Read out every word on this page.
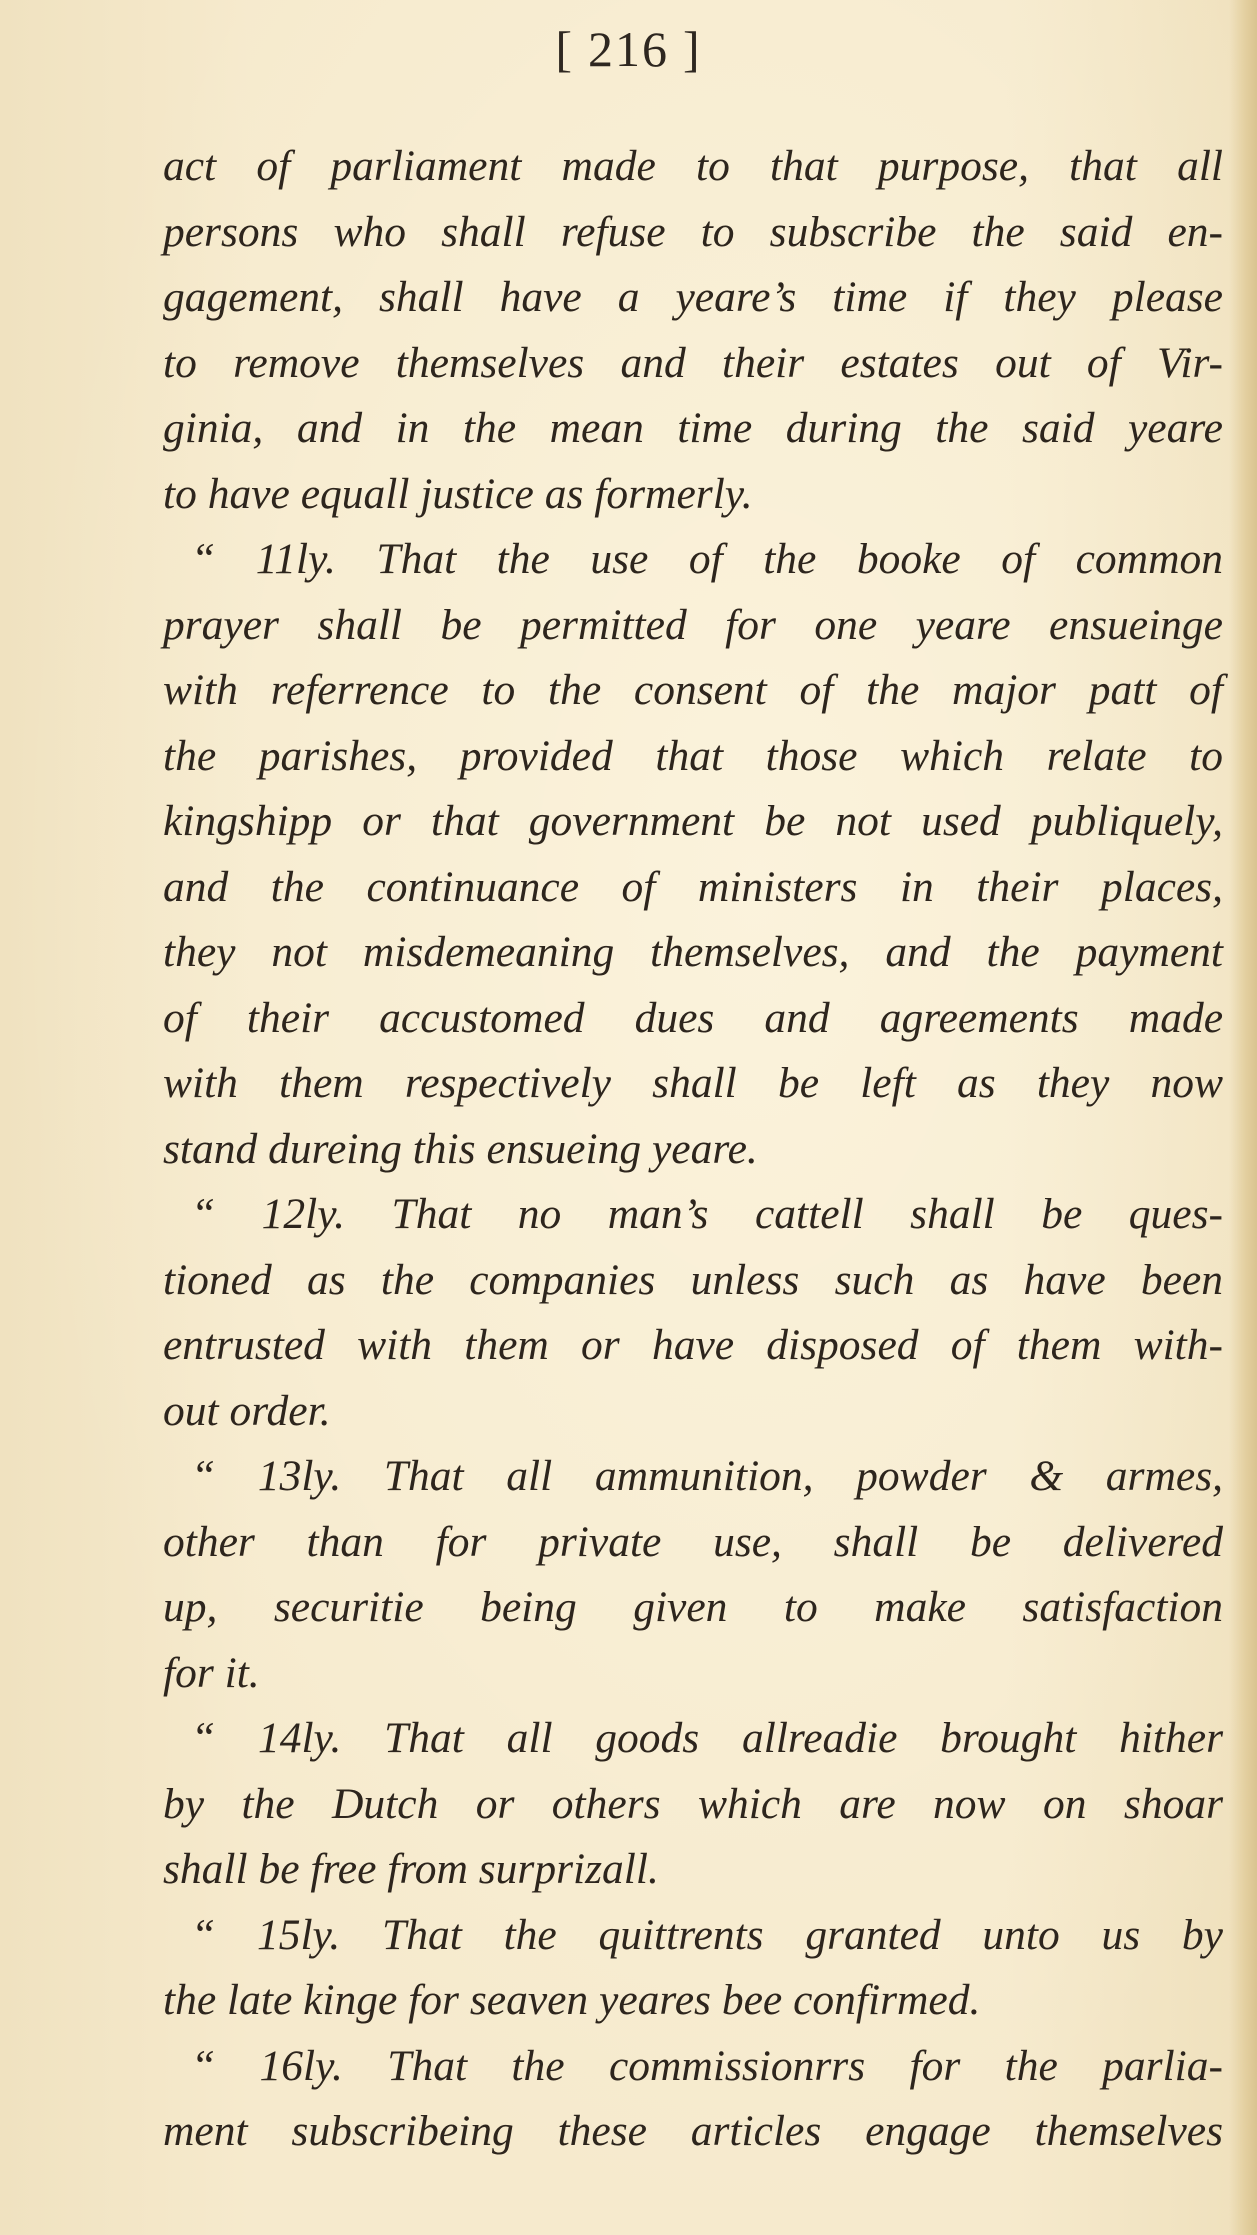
[ 216 ]
act of parliament made to that purpose, that all
persons who shall refuse to subscribe the said en-
gagement, shall have a yeare’s time if they please
to remove themselves and their estates out of Vir-
ginia, and in the mean time during the said yeare
to have equall justice as formerly.
“ 11ly. That the use of the booke of common
prayer shall be permitted for one yeare ensueinge
with referrence to the consent of the major patt of
the parishes, provided that those which relate to
kingshipp or that government be not used publiquely,
and the continuance of ministers in their places,
they not misdemeaning themselves, and the payment
of their accustomed dues and agreements made
with them respectively shall be left as they now
stand dureing this ensueing yeare.
“ 12ly. That no man’s cattell shall be ques-
tioned as the companies unless such as have been
entrusted with them or have disposed of them with-
out order.
“ 13ly. That all ammunition, powder & armes,
other than for private use, shall be delivered
up, securitie being given to make satisfaction
for it.
“ 14ly. That all goods allreadie brought hither
by the Dutch or others which are now on shoar
shall be free from surprizall.
“ 15ly. That the quittrents granted unto us by
the late kinge for seaven yeares bee confirmed.
“ 16ly. That the commissionrrs for the parlia-
ment subscribeing these articles engage themselves
